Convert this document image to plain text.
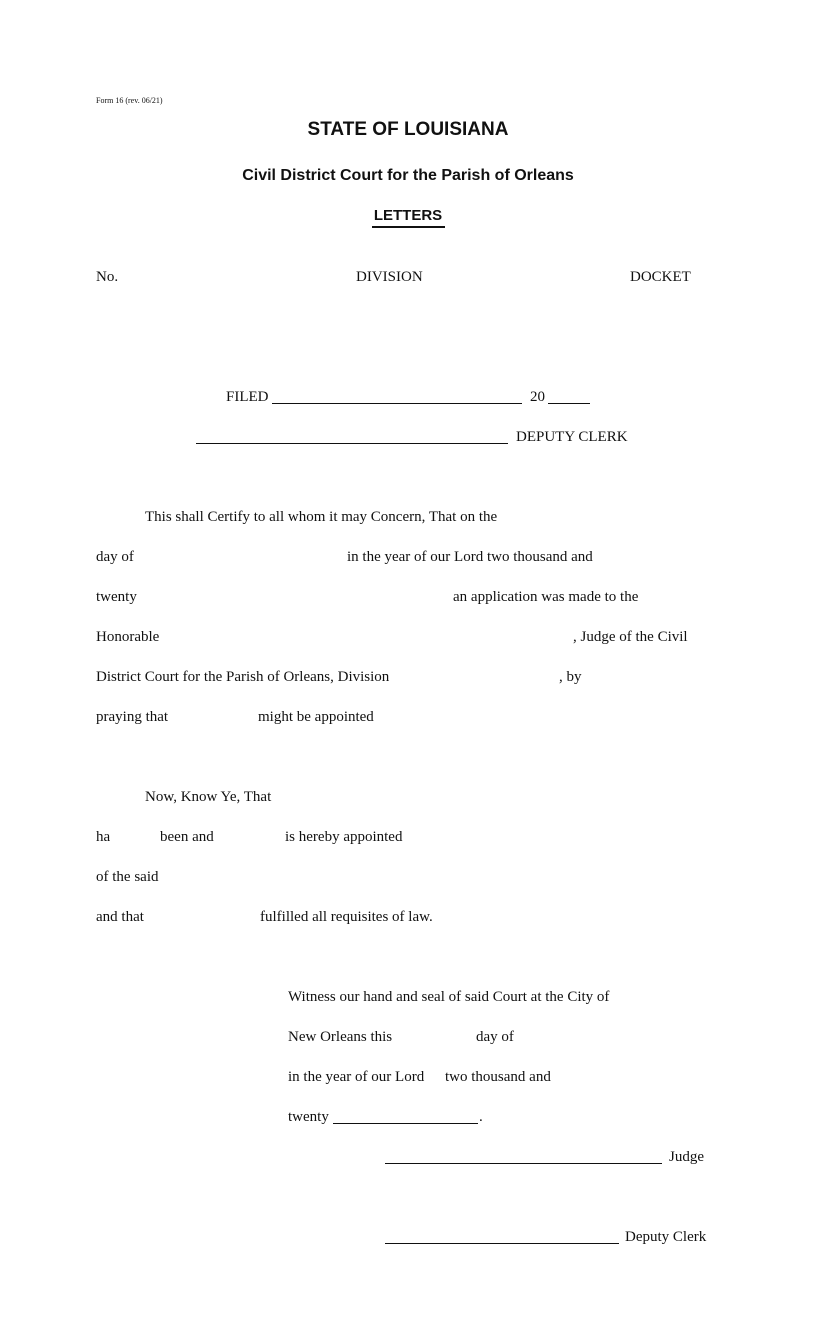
Form 16 (rev. 06/21)
STATE OF LOUISIANA
Civil District Court for the Parish of Orleans
LETTERS
No.	DIVISION	DOCKET
FILED	20
DEPUTY CLERK
This shall Certify to all whom it may Concern, That on the
day of	in the year of our Lord two thousand and
twenty	an application was made to the
Honorable	, Judge of the Civil
District Court for the Parish of Orleans, Division	, by
praying that	might be appointed
Now, Know Ye, That
ha	been and	is hereby appointed
of the said
and that	fulfilled all requisites of law.
Witness our hand and seal of said Court at the City of
New Orleans this	day of
in the year of our Lord two thousand and
twenty	.
Judge
Deputy Clerk
